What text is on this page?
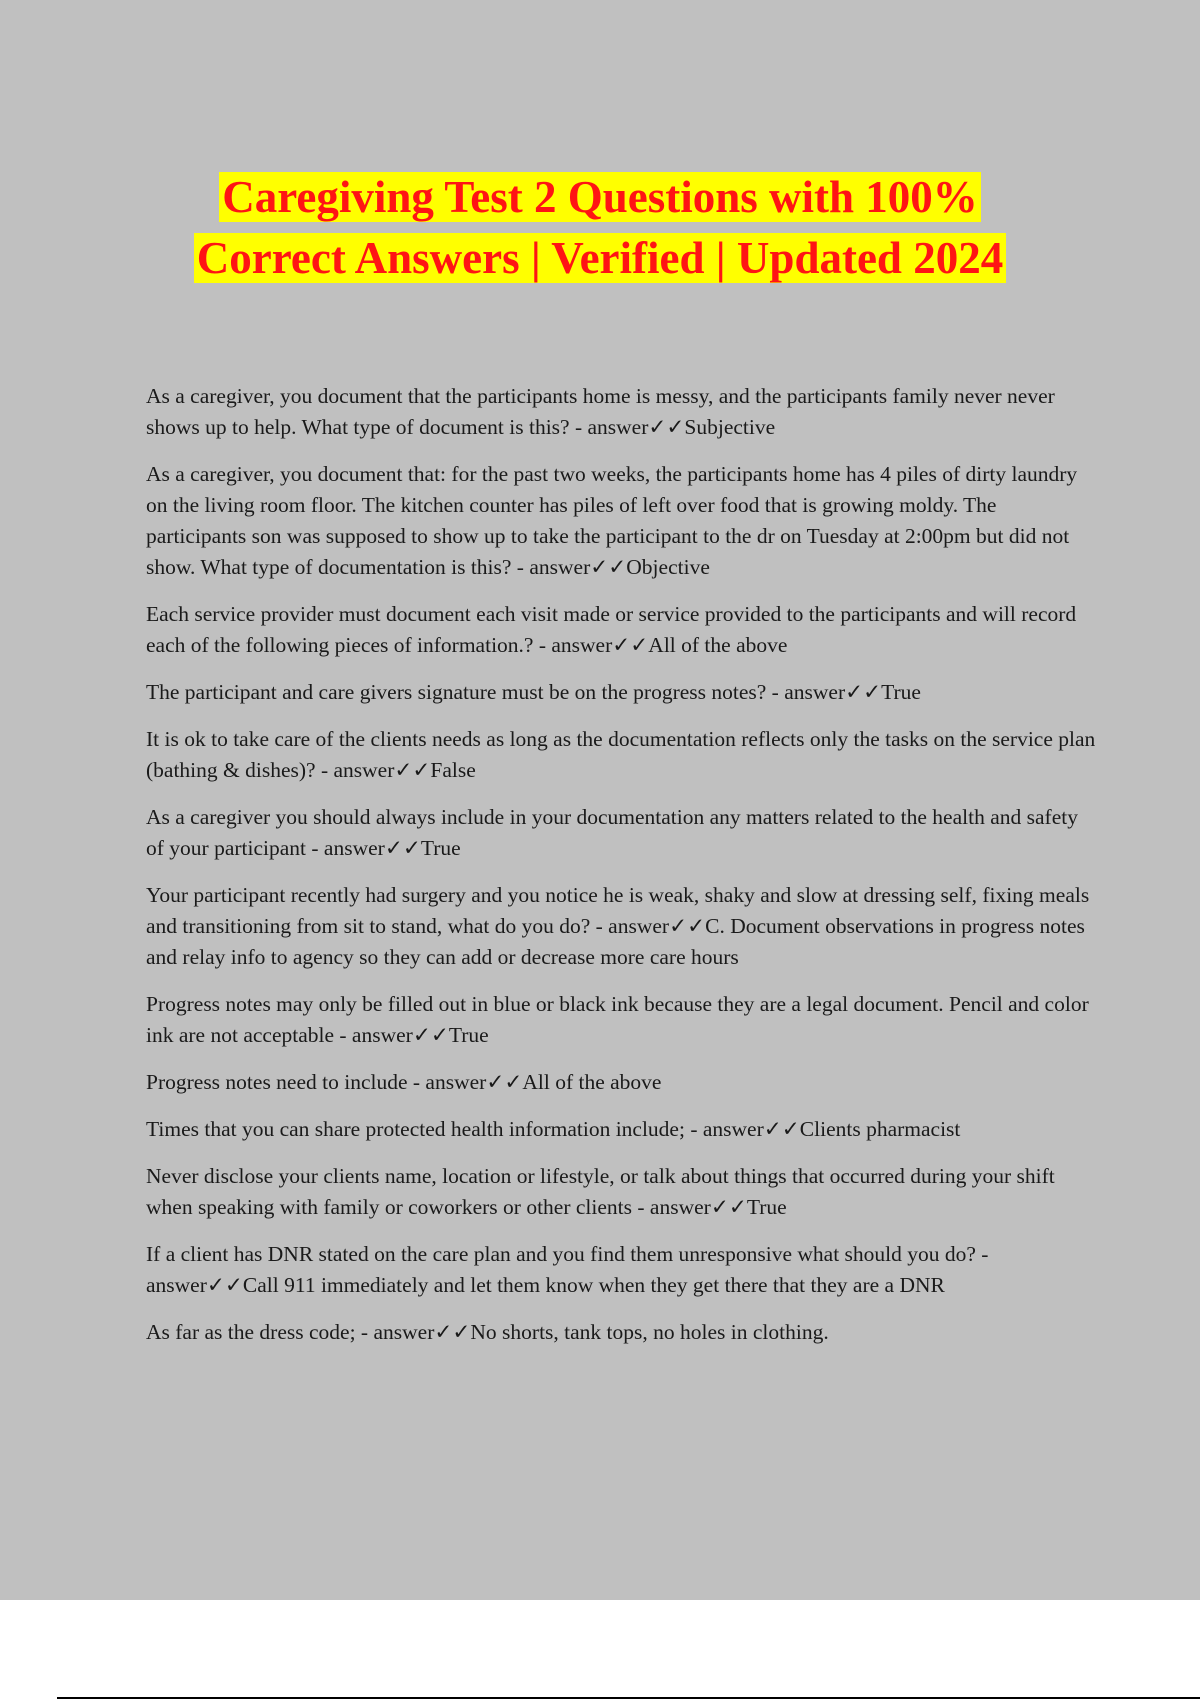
Caregiving Test 2 Questions with 100%
Correct Answers | Verified | Updated 2024

As a caregiver, you document that the participants home is messy, and the participants family never never shows up to help. What type of document is this? - answer✓✓Subjective

As a caregiver, you document that: for the past two weeks, the participants home has 4 piles of dirty laundry on the living room floor. The kitchen counter has piles of left over food that is growing moldy. The participants son was supposed to show up to take the participant to the dr on Tuesday at 2:00pm but did not show. What type of documentation is this? - answer✓✓Objective

Each service provider must document each visit made or service provided to the participants and will record each of the following pieces of information.? - answer✓✓All of the above

The participant and care givers signature must be on the progress notes? - answer✓✓True

It is ok to take care of the clients needs as long as the documentation reflects only the tasks on the service plan (bathing & dishes)? - answer✓✓False

As a caregiver you should always include in your documentation any matters related to the health and safety of your participant - answer✓✓True

Your participant recently had surgery and you notice he is weak, shaky and slow at dressing self, fixing meals and transitioning from sit to stand, what do you do? - answer✓✓C. Document observations in progress notes and relay info to agency so they can add or decrease more care hours

Progress notes may only be filled out in blue or black ink because they are a legal document. Pencil and color ink are not acceptable - answer✓✓True

Progress notes need to include - answer✓✓All of the above

Times that you can share protected health information include; - answer✓✓Clients pharmacist

Never disclose your clients name, location or lifestyle, or talk about things that occurred during your shift when speaking with family or coworkers or other clients - answer✓✓True

If a client has DNR stated on the care plan and you find them unresponsive what should you do? - answer✓✓Call 911 immediately and let them know when they get there that they are a DNR

As far as the dress code; - answer✓✓No shorts, tank tops, no holes in clothing.
